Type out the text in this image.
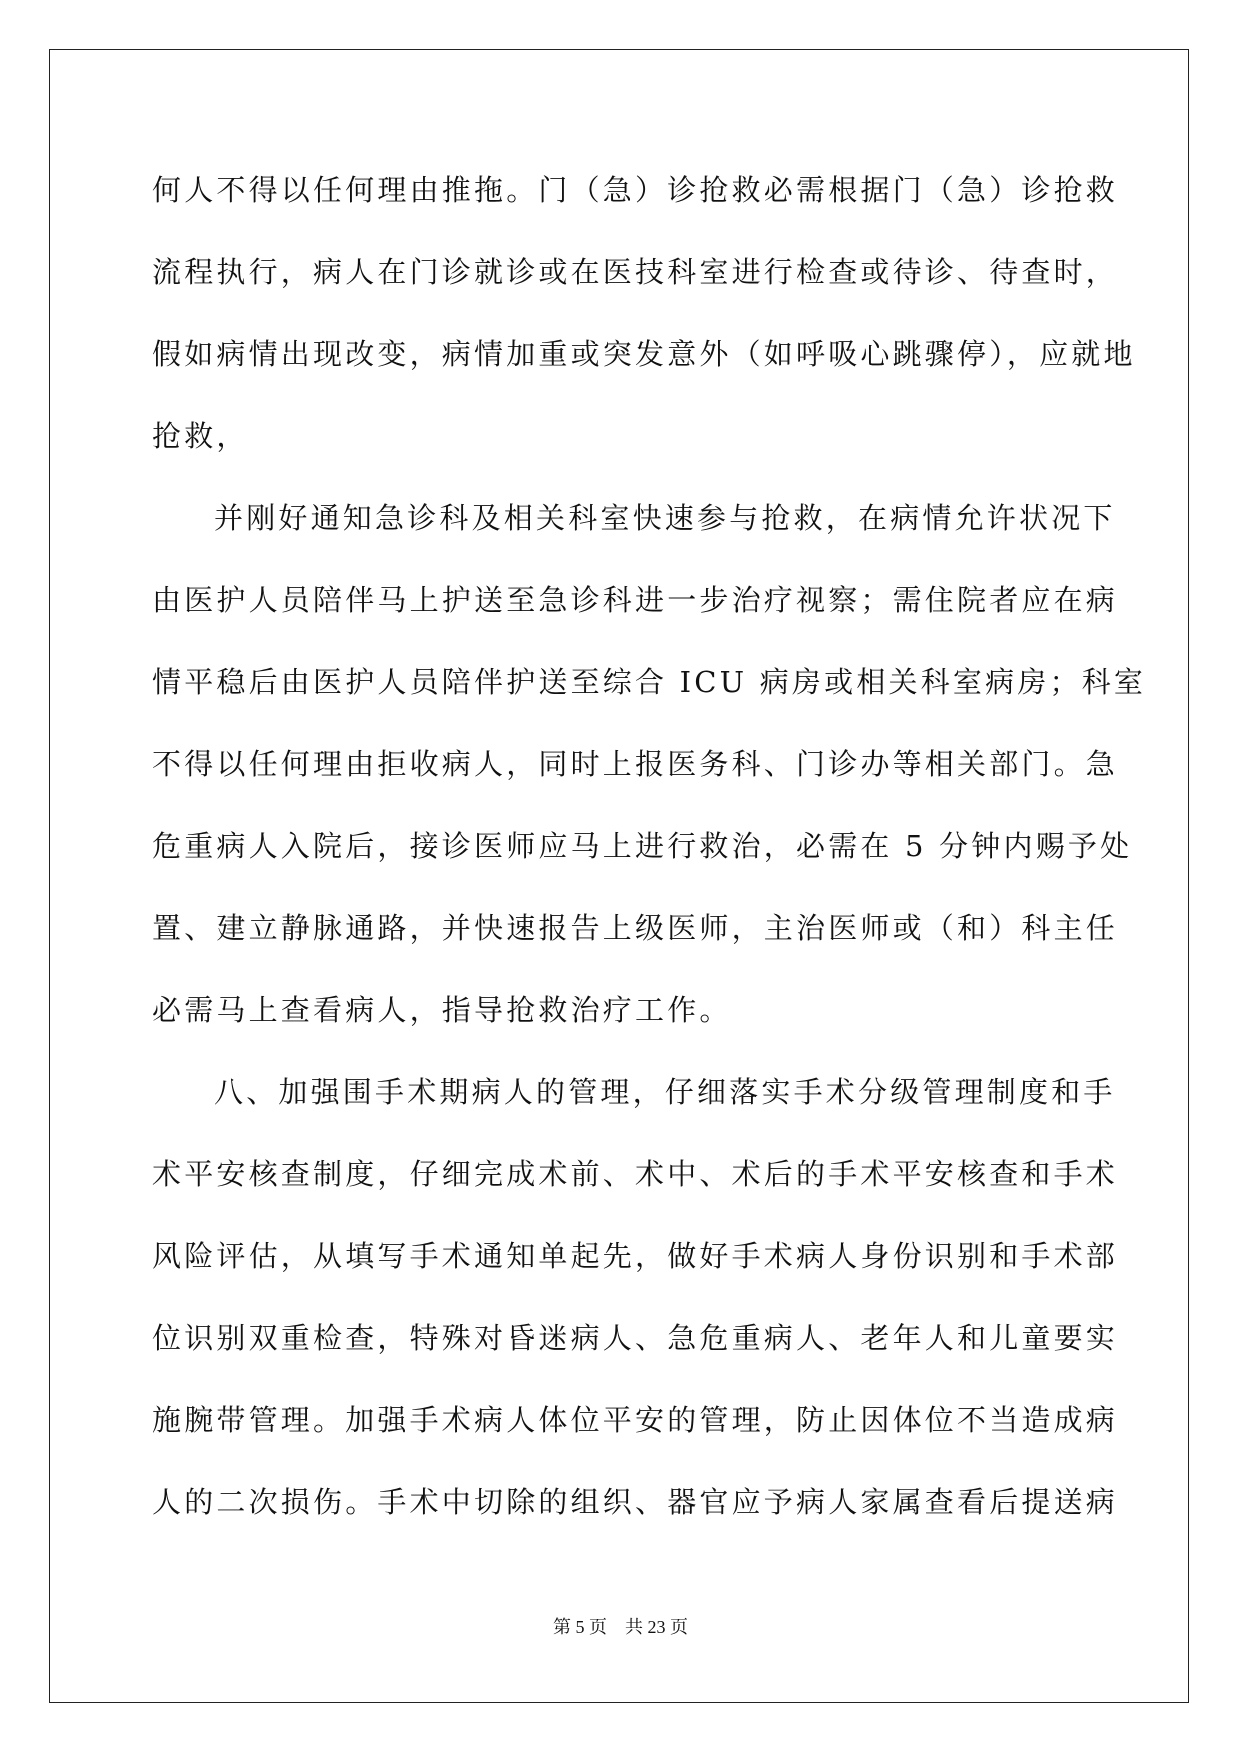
何人不得以任何理由推拖。门（急）诊抢救必需根据门（急）诊抢救
流程执行，病人在门诊就诊或在医技科室进行检查或待诊、待查时，
假如病情出现改变，病情加重或突发意外（如呼吸心跳骤停），应就地
抢救，
并刚好通知急诊科及相关科室快速参与抢救，在病情允许状况下
由医护人员陪伴马上护送至急诊科进一步治疗视察；需住院者应在病
情平稳后由医护人员陪伴护送至综合 ICU 病房或相关科室病房；科室
不得以任何理由拒收病人，同时上报医务科、门诊办等相关部门。急
危重病人入院后，接诊医师应马上进行救治，必需在 5 分钟内赐予处
置、建立静脉通路，并快速报告上级医师，主治医师或（和）科主任
必需马上查看病人，指导抢救治疗工作。
八、加强围手术期病人的管理，仔细落实手术分级管理制度和手
术平安核查制度，仔细完成术前、术中、术后的手术平安核查和手术
风险评估，从填写手术通知单起先，做好手术病人身份识别和手术部
位识别双重检查，特殊对昏迷病人、急危重病人、老年人和儿童要实
施腕带管理。加强手术病人体位平安的管理，防止因体位不当造成病
人的二次损伤。手术中切除的组织、器官应予病人家属查看后提送病
第 5 页    共 23 页
